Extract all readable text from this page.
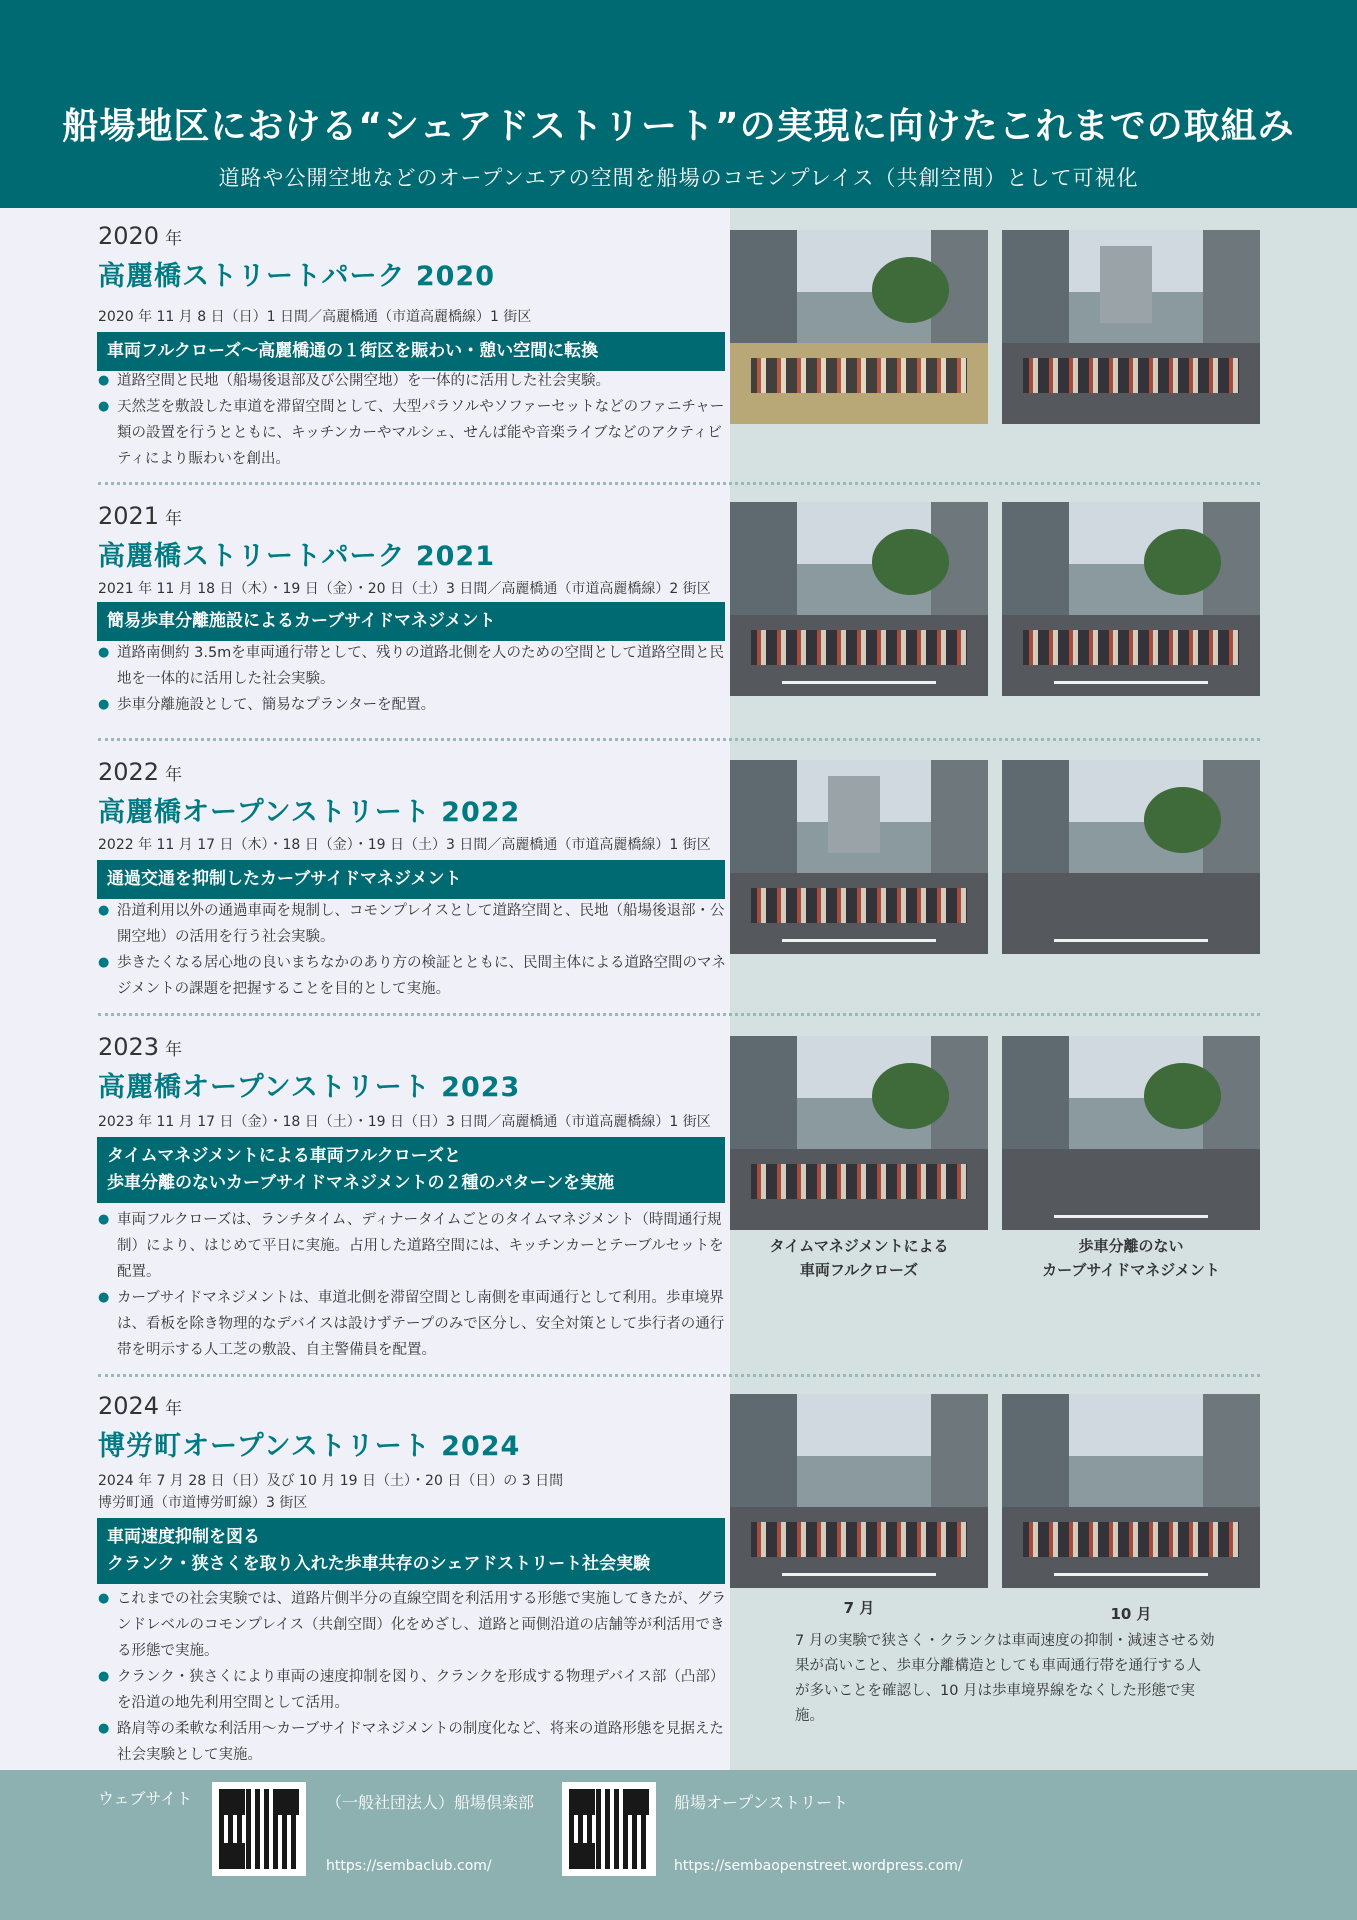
船場地区における“シェアドストリート”の実現に向けたこれまでの取組み
道路や公開空地などのオープンエアの空間を船場のコモンプレイス（共創空間）として可視化
2020 年
高麗橋ストリートパーク 2020
2020 年 11 月 8 日（日）1 日間／高麗橋通（市道高麗橋線）1 街区
車両フルクローズ〜高麗橋通の１街区を賑わい・憩い空間に転換
● 道路空間と民地（船場後退部及び公開空地）を一体的に活用した社会実験。
● 天然芝を敷設した車道を滞留空間として、大型パラソルやソファーセットなどのファニチャー類の設置を行うとともに、キッチンカーやマルシェ、せんば能や音楽ライブなどのアクティビティにより賑わいを創出。
2021 年
高麗橋ストリートパーク 2021
2021 年 11 月 18 日（木）・19 日（金）・20 日（土）3 日間／高麗橋通（市道高麗橋線）2 街区
簡易歩車分離施設によるカーブサイドマネジメント
● 道路南側約 3.5mを車両通行帯として、残りの道路北側を人のための空間として道路空間と民地を一体的に活用した社会実験。
● 歩車分離施設として、簡易なプランターを配置。
2022 年
高麗橋オープンストリート 2022
2022 年 11 月 17 日（木）・18 日（金）・19 日（土）3 日間／高麗橋通（市道高麗橋線）1 街区
通過交通を抑制したカーブサイドマネジメント
● 沿道利用以外の通過車両を規制し、コモンプレイスとして道路空間と、民地（船場後退部・公開空地）の活用を行う社会実験。
● 歩きたくなる居心地の良いまちなかのあり方の検証とともに、民間主体による道路空間のマネジメントの課題を把握することを目的として実施。
2023 年
高麗橋オープンストリート 2023
2023 年 11 月 17 日（金）・18 日（土）・19 日（日）3 日間／高麗橋通（市道高麗橋線）1 街区
タイムマネジメントによる車両フルクローズと
歩車分離のないカーブサイドマネジメントの２種のパターンを実施
● 車両フルクローズは、ランチタイム、ディナータイムごとのタイムマネジメント（時間通行規制）により、はじめて平日に実施。占用した道路空間には、キッチンカーとテーブルセットを配置。
● カーブサイドマネジメントは、車道北側を滞留空間とし南側を車両通行として利用。歩車境界は、看板を除き物理的なデバイスは設けずテープのみで区分し、安全対策として歩行者の通行帯を明示する人工芝の敷設、自主警備員を配置。
タイムマネジメントによる
車両フルクローズ
歩車分離のない
カーブサイドマネジメント
2024 年
博労町オープンストリート 2024
2024 年 7 月 28 日（日）及び 10 月 19 日（土）・20 日（日）の 3 日間
博労町通（市道博労町線）3 街区
車両速度抑制を図る
クランク・狭さくを取り入れた歩車共存のシェアドストリート社会実験
● これまでの社会実験では、道路片側半分の直線空間を利活用する形態で実施してきたが、グランドレベルのコモンプレイス（共創空間）化をめざし、道路と両側沿道の店舗等が利活用できる形態で実施。
● クランク・狭さくにより車両の速度抑制を図り、クランクを形成する物理デバイス部（凸部）を沿道の地先利用空間として活用。
● 路肩等の柔軟な利活用〜カーブサイドマネジメントの制度化など、将来の道路形態を見据えた社会実験として実施。
7 月	10 月
7 月の実験で狭さく・クランクは車両速度の抑制・減速させる効果が高いこと、歩車分離構造としても車両通行帯を通行する人が多いことを確認し、10 月は歩車境界線をなくした形態で実施。
ウェブサイト	（一般社団法人）船場倶楽部
https://sembaclub.com/
船場オープンストリート
https://sembaopenstreet.wordpress.com/
